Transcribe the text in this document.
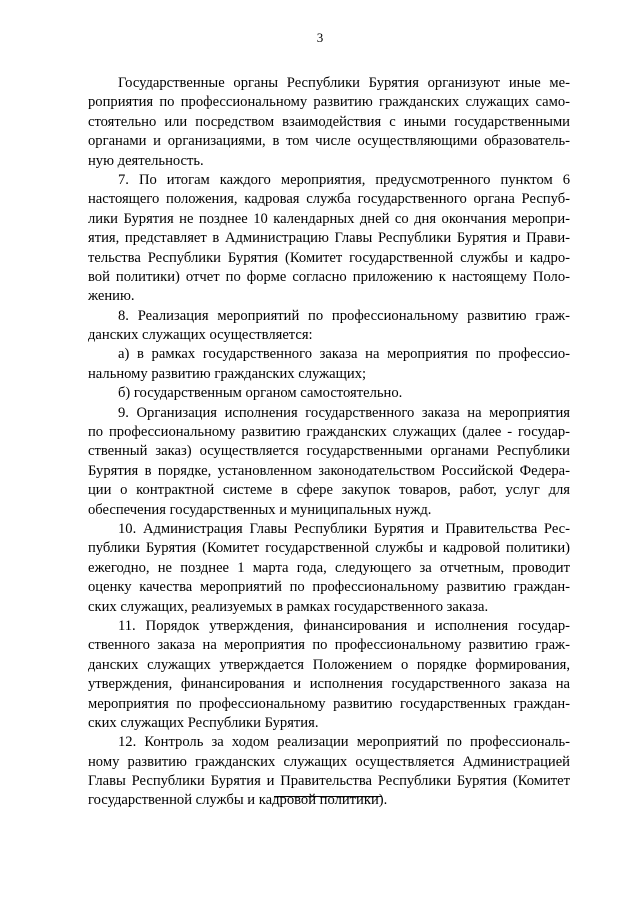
3
Государственные органы Республики Бурятия организуют иные ме-
роприятия по профессиональному развитию гражданских служащих само-
стоятельно или посредством взаимодействия с иными государственными
органами и организациями, в том числе осуществляющими образователь-
ную деятельность.
7. По итогам каждого мероприятия, предусмотренного пунктом 6
настоящего положения, кадровая служба государственного органа Респуб-
лики Бурятия не позднее 10 календарных дней со дня окончания меропри-
ятия, представляет в Администрацию Главы Республики Бурятия и Прави-
тельства Республики Бурятия (Комитет государственной службы и кадро-
вой политики) отчет по форме согласно приложению к настоящему Поло-
жению.
8. Реализация мероприятий по профессиональному развитию граж-
данских служащих осуществляется:
а) в рамках государственного заказа на мероприятия по профессио-
нальному развитию гражданских служащих;
б) государственным органом самостоятельно.
9. Организация исполнения государственного заказа на мероприятия
по профессиональному развитию гражданских служащих (далее - государ-
ственный заказ) осуществляется государственными органами Республики
Бурятия в порядке, установленном законодательством Российской Федера-
ции о контрактной системе в сфере закупок товаров, работ, услуг для
обеспечения государственных и муниципальных нужд.
10. Администрация Главы Республики Бурятия и Правительства Рес-
публики Бурятия (Комитет государственной службы и кадровой политики)
ежегодно, не позднее 1 марта года, следующего за отчетным, проводит
оценку качества мероприятий по профессиональному развитию граждан-
ских служащих, реализуемых в рамках государственного заказа.
11. Порядок утверждения, финансирования и исполнения государ-
ственного заказа на мероприятия по профессиональному развитию граж-
данских служащих утверждается Положением о порядке формирования,
утверждения, финансирования и исполнения государственного заказа на
мероприятия по профессиональному развитию государственных граждан-
ских служащих Республики Бурятия.
12. Контроль за ходом реализации мероприятий по профессиональ-
ному развитию гражданских служащих осуществляется Администрацией
Главы Республики Бурятия и Правительства Республики Бурятия (Комитет
государственной службы и кадровой политики).
